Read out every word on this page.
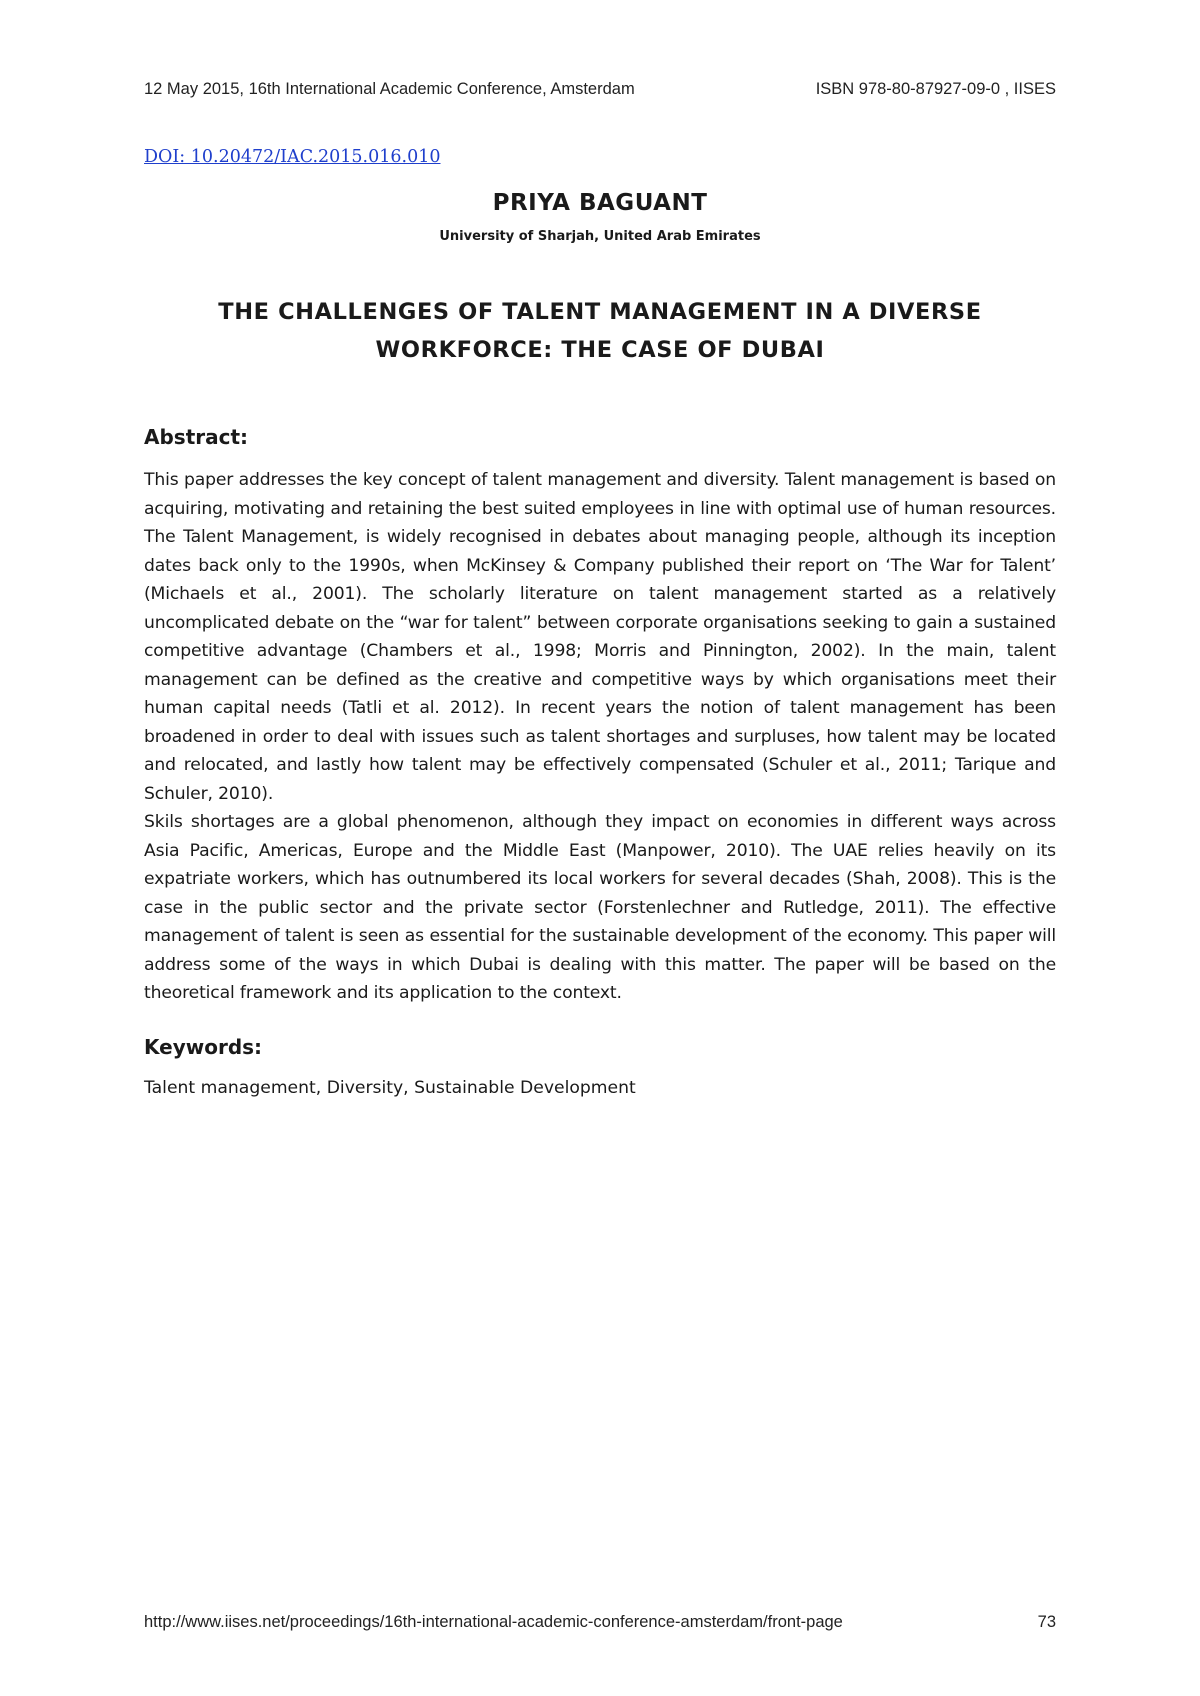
12 May 2015, 16th International Academic Conference, Amsterdam	ISBN 978-80-87927-09-0 , IISES
DOI: 10.20472/IAC.2015.016.010
PRIYA BAGUANT
University of Sharjah, United Arab Emirates
THE CHALLENGES OF TALENT MANAGEMENT IN A DIVERSE
WORKFORCE: THE CASE OF DUBAI
Abstract:

This paper addresses the key concept of talent management and diversity. Talent management is based on acquiring, motivating and retaining the best suited employees in line with optimal use of human resources. The Talent Management, is widely recognised in debates about managing people, although its inception dates back only to the 1990s, when McKinsey & Company published their report on ‘The War for Talent’ (Michaels et al., 2001). The scholarly literature on talent management started as a relatively uncomplicated debate on the “war for talent” between corporate organisations seeking to gain a sustained competitive advantage (Chambers et al., 1998; Morris and Pinnington, 2002). In the main, talent management can be defined as the creative and competitive ways by which organisations meet their human capital needs (Tatli et al. 2012). In recent years the notion of talent management has been broadened in order to deal with issues such as talent shortages and surpluses, how talent may be located and relocated, and lastly how talent may be effectively compensated (Schuler et al., 2011; Tarique and Schuler, 2010).

Skils shortages are a global phenomenon, although they impact on economies in different ways across Asia Pacific, Americas, Europe and the Middle East (Manpower, 2010). The UAE relies heavily on its expatriate workers, which has outnumbered its local workers for several decades (Shah, 2008). This is the case in the public sector and the private sector (Forstenlechner and Rutledge, 2011). The effective management of talent is seen as essential for the sustainable development of the economy. This paper will address some of the ways in which Dubai is dealing with this matter. The paper will be based on the theoretical framework and its application to the context.

Keywords:
Talent management, Diversity, Sustainable Development
http://www.iises.net/proceedings/16th-international-academic-conference-amsterdam/front-page	73
